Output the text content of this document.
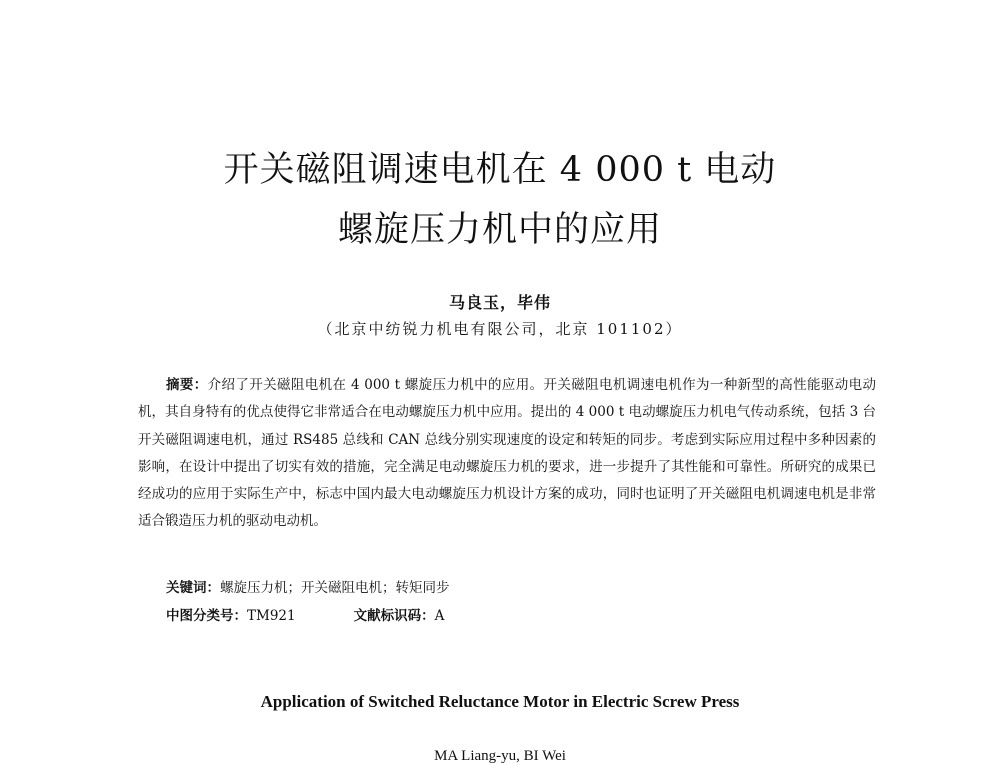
开关磁阻调速电机在 4 000 t 电动
螺旋压力机中的应用
马良玉，毕伟
（北京中纺锐力机电有限公司，北京 101102）

摘要：介绍了开关磁阻电机在 4 000 t 螺旋压力机中的应用。开关磁阻电机调速电机作为一种新型的高性能驱动电动机，其自身特有的优点使得它非常适合在电动螺旋压力机中应用。提出的 4 000 t 电动螺旋压力机电气传动系统，包括 3 台开关磁阻调速电机，通过 RS485 总线和 CAN 总线分别实现速度的设定和转矩的同步。考虑到实际应用过程中多种因素的影响，在设计中提出了切实有效的措施，完全满足电动螺旋压力机的要求，进一步提升了其性能和可靠性。所研究的成果已经成功的应用于实际生产中，标志中国内最大电动螺旋压力机设计方案的成功，同时也证明了开关磁阻电机调速电机是非常适合锻造压力机的驱动电动机。

关键词：螺旋压力机；开关磁阻电机；转矩同步
中图分类号：TM921	文献标识码：A
Application of Switched Reluctance Motor in Electric Screw Press
MA Liang-yu, BI Wei
